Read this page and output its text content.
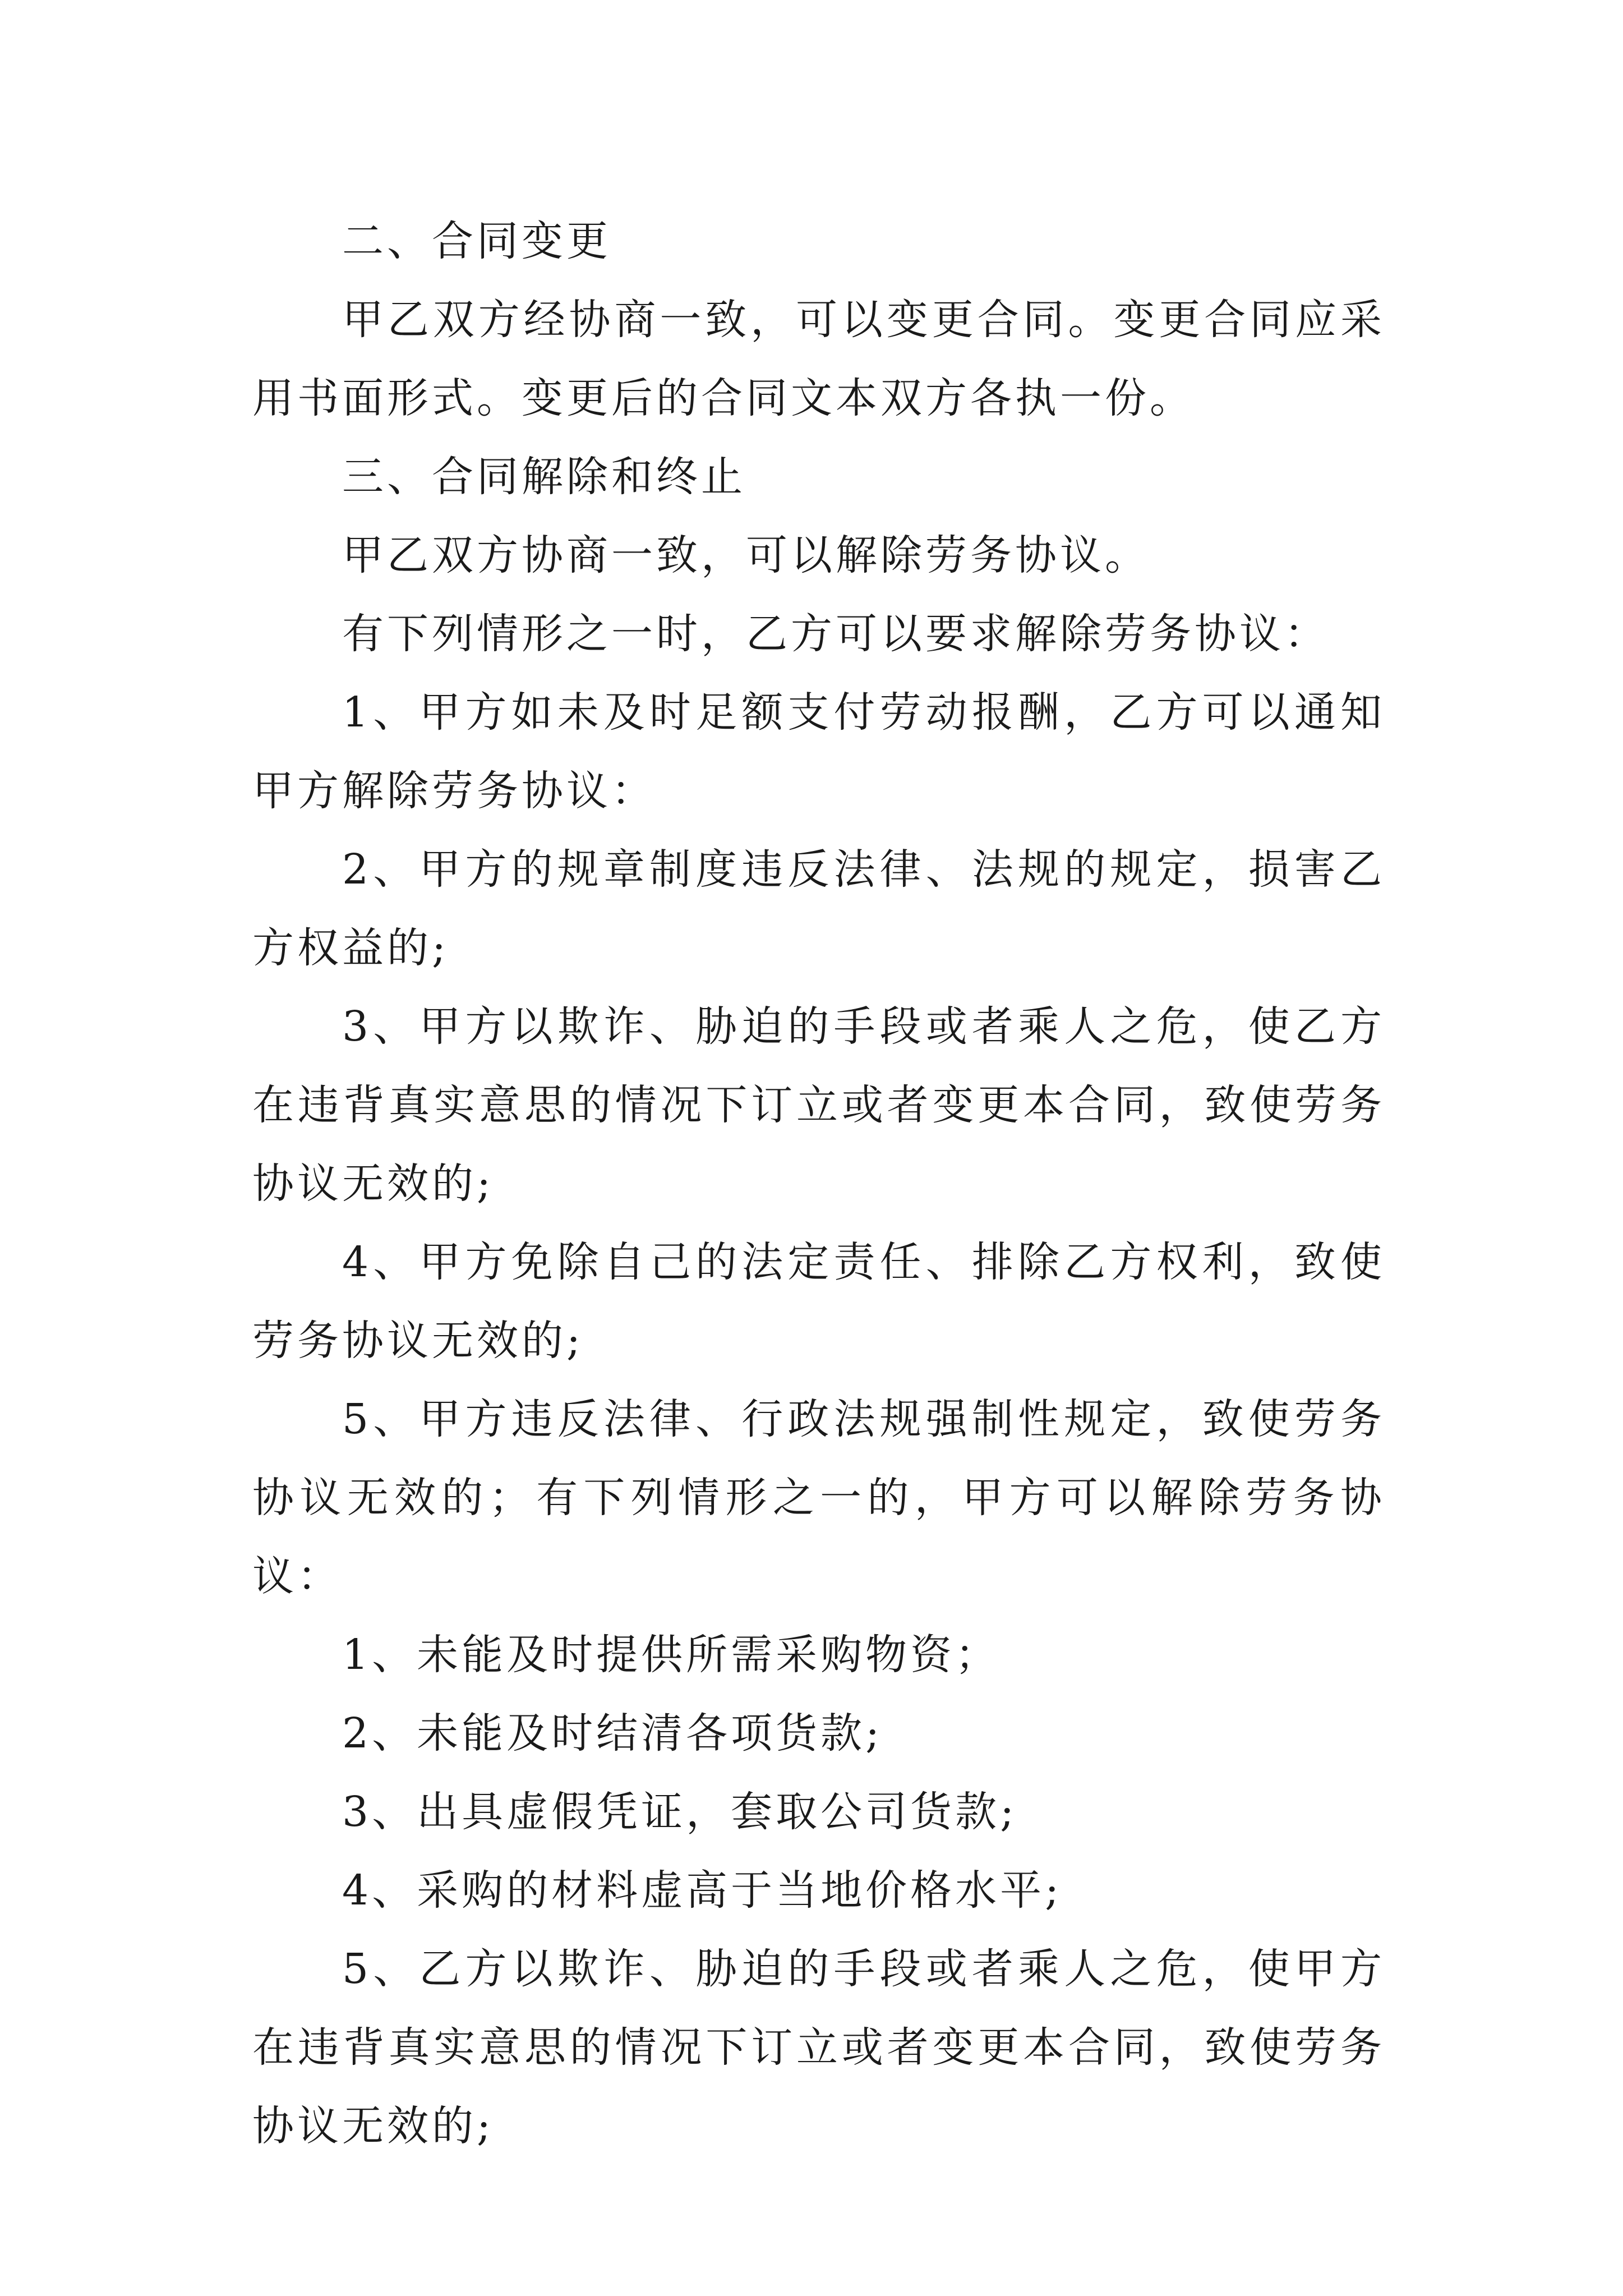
二、合同变更

甲乙双方经协商一致，可以变更合同。变更合同应采用书面形式。变更后的合同文本双方各执一份。

三、合同解除和终止

甲乙双方协商一致，可以解除劳务协议。

有下列情形之一时，乙方可以要求解除劳务协议：

1、甲方如未及时足额支付劳动报酬，乙方可以通知甲方解除劳务协议：

2、甲方的规章制度违反法律、法规的规定，损害乙方权益的;

3、甲方以欺诈、胁迫的手段或者乘人之危，使乙方在违背真实意思的情况下订立或者变更本合同，致使劳务协议无效的;

4、甲方免除自己的法定责任、排除乙方权利，致使劳务协议无效的;

5、甲方违反法律、行政法规强制性规定，致使劳务协议无效的；有下列情形之一的，甲方可以解除劳务协议：

1、未能及时提供所需采购物资；

2、未能及时结清各项货款;

3、出具虚假凭证，套取公司货款;

4、采购的材料虚高于当地价格水平;

5、乙方以欺诈、胁迫的手段或者乘人之危，使甲方在违背真实意思的情况下订立或者变更本合同，致使劳务协议无效的;
